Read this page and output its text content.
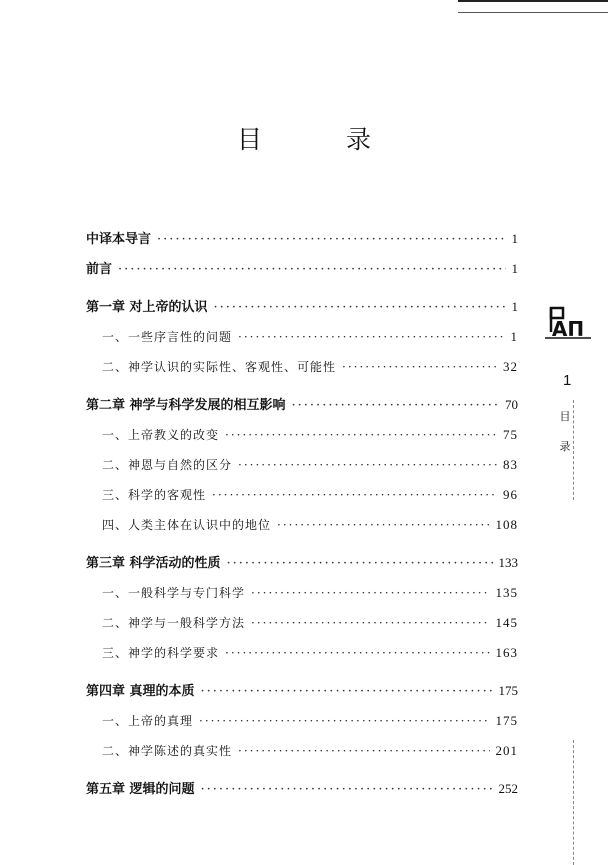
目 录
中译本导言 ·····	1
前言 ·····	1
第一章 对上帝的认识 ·····	1
一、一些序言性的问题 ·····	1
二、神学认识的实际性、客观性、可能性 ·····	32
第二章 神学与科学发展的相互影响 ·····	70
一、上帝教义的改变 ·····	75
二、神恩与自然的区分 ·····	83
三、科学的客观性 ·····	96
四、人类主体在认识中的地位 ·····	108
第三章 科学活动的性质 ·····	133
一、一般科学与专门科学 ·····	135
二、神学与一般科学方法 ·····	145
三、神学的科学要求 ·····	163
第四章 真理的本质 ·····	175
一、上帝的真理 ·····	175
二、神学陈述的真实性 ·····	201
第五章 逻辑的问题 ·····	252
AΠ
1
目录
